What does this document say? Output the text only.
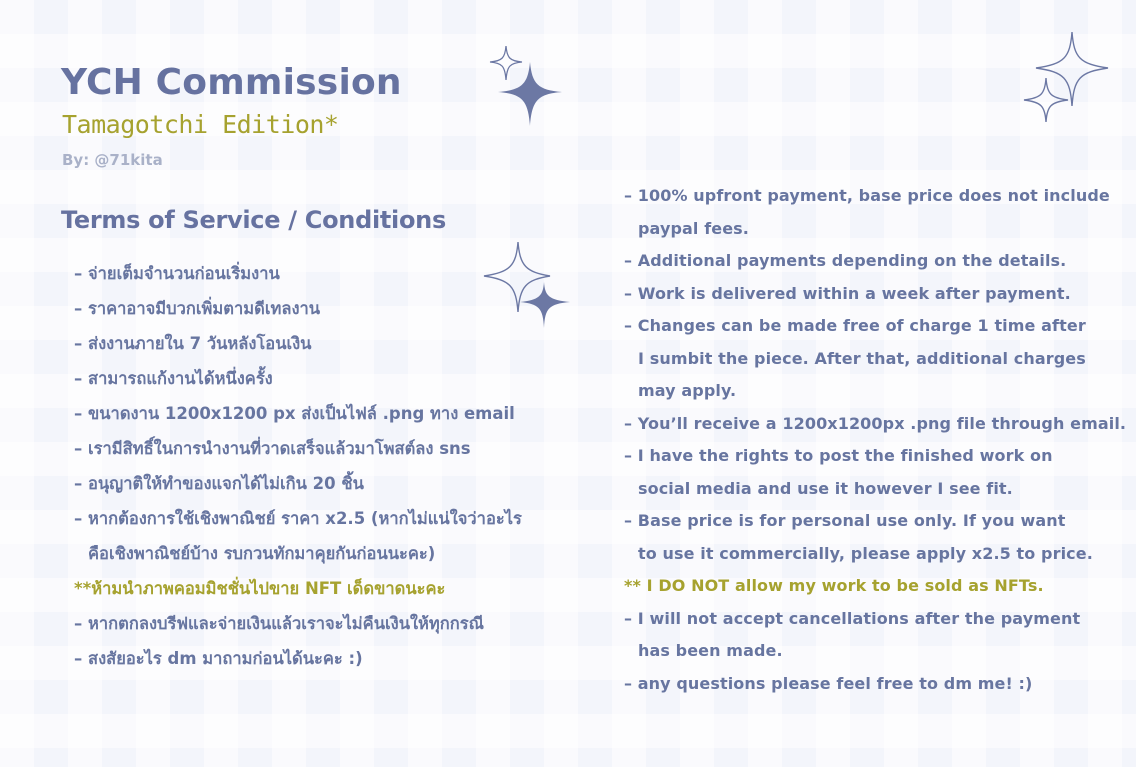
YCH Commission
Tamagotchi Edition*
By: @71kita
Terms of Service / Conditions
– จ่ายเต็มจำนวนก่อนเริ่มงาน
– ราคาอาจมีบวกเพิ่มตามดีเทลงาน
– ส่งงานภายใน 7 วันหลังโอนเงิน
– สามารถแก้งานได้หนึ่งครั้ง
– ขนาดงาน 1200x1200 px ส่งเป็นไฟล์ .png ทาง email
– เรามีสิทธิ์ในการนำงานที่วาดเสร็จแล้วมาโพสต์ลง sns
– อนุญาติให้ทำของแจกได้ไม่เกิน 20 ชิ้น
– หากต้องการใช้เชิงพาณิชย์ ราคา x2.5 (หากไม่แน่ใจว่าอะไร
คือเชิงพาณิชย์บ้าง รบกวนทักมาคุยกันก่อนนะคะ)
**ห้ามนำภาพคอมมิชชั่นไปขาย NFT เด็ดขาดนะคะ
– หากตกลงบรีฟและจ่ายเงินแล้วเราจะไม่คืนเงินให้ทุกกรณี
– สงสัยอะไร dm มาถามก่อนได้นะคะ :)
– 100% upfront payment, base price does not include
paypal fees.
– Additional payments depending on the details.
– Work is delivered within a week after payment.
– Changes can be made free of charge 1 time after
I sumbit the piece. After that, additional charges
may apply.
– You’ll receive a 1200x1200px .png file through email.
– I have the rights to post the finished work on
social media and use it however I see fit.
– Base price is for personal use only. If you want
to use it commercially, please apply x2.5 to price.
** I DO NOT allow my work to be sold as NFTs.
– I will not accept cancellations after the payment
has been made.
– any questions please feel free to dm me! :)
